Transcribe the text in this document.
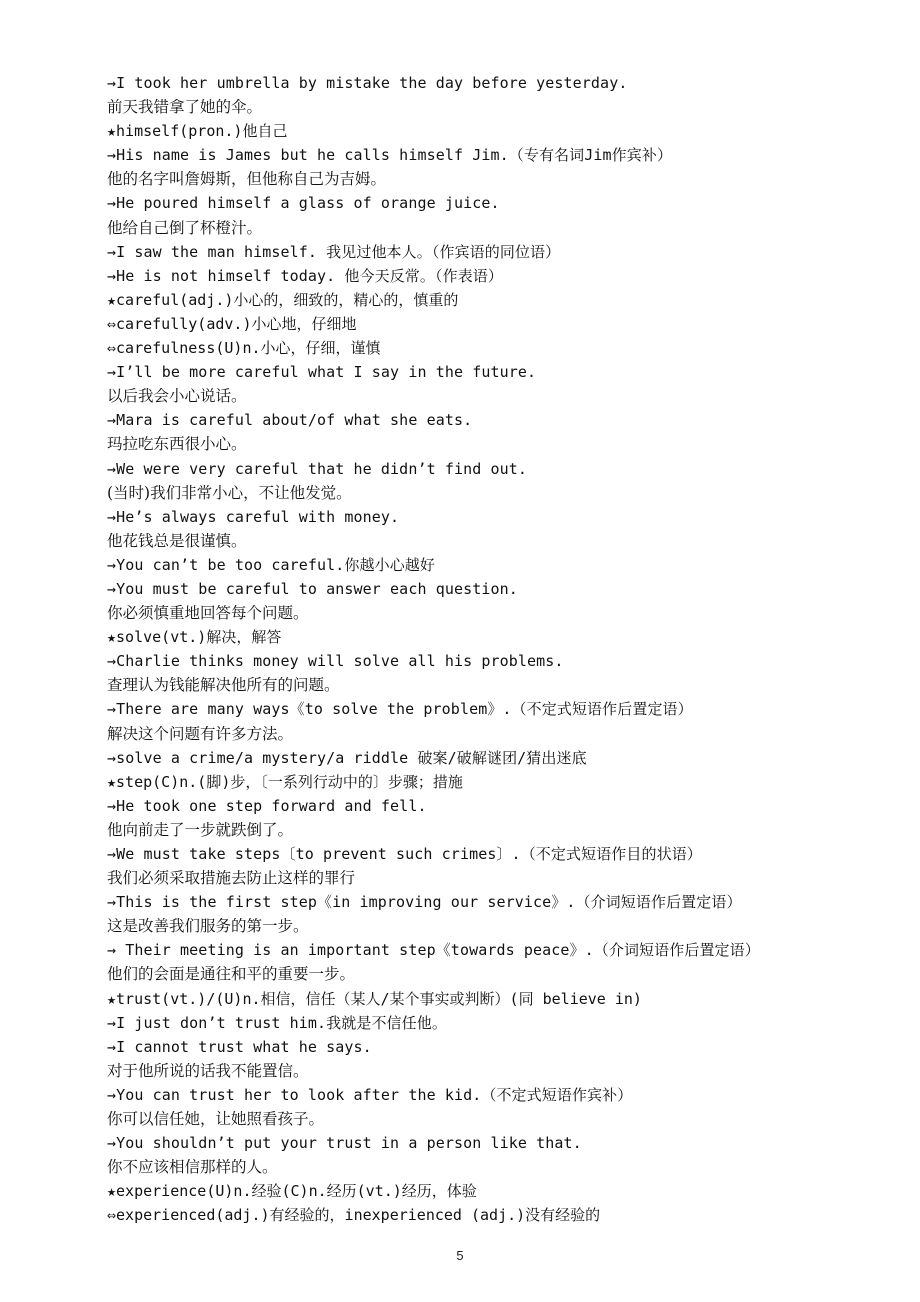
→I took her umbrella by mistake the day before yesterday.
前天我错拿了她的伞。
★himself(pron.)他自己
→His name is James but he calls himself Jim.（专有名词Jim作宾补）
他的名字叫詹姆斯，但他称自己为吉姆。
→He poured himself a glass of orange juice.
他给自己倒了杯橙汁。
→I saw the man himself. 我见过他本人。（作宾语的同位语）
→He is not himself today. 他今天反常。（作表语）
★careful(adj.)小心的，细致的，精心的，慎重的
⇔carefully(adv.)小心地，仔细地
⇔carefulness(U)n.小心，仔细，谨慎
→I’ll be more careful what I say in the future.
以后我会小心说话。
→Mara is careful about/of what she eats.
玛拉吃东西很小心。
→We were very careful that he didn’t find out.
(当时)我们非常小心，不让他发觉。
→He’s always careful with money.
他花钱总是很谨慎。
→You can’t be too careful.你越小心越好
→You must be careful to answer each question.
你必须慎重地回答每个问题。
★solve(vt.)解决，解答
→Charlie thinks money will solve all his problems.
查理认为钱能解决他所有的问题。
→There are many ways《to solve the problem》.（不定式短语作后置定语）
解决这个问题有许多方法。
→solve a crime/a mystery/a riddle 破案/破解谜团/猜出迷底
★step(C)n.(脚)步，〔一系列行动中的〕步骤；措施
→He took one step forward and fell.
他向前走了一步就跌倒了。
→We must take steps〔to prevent such crimes〕.（不定式短语作目的状语）
我们必须采取措施去防止这样的罪行
→This is the first step《in improving our service》.（介词短语作后置定语）
这是改善我们服务的第一步。
→ Their meeting is an important step《towards peace》.（介词短语作后置定语）
他们的会面是通往和平的重要一步。
★trust(vt.)/(U)n.相信，信任（某人/某个事实或判断）(同 believe in)
→I just don’t trust him.我就是不信任他。
→I cannot trust what he says.
对于他所说的话我不能置信。
→You can trust her to look after the kid.（不定式短语作宾补）
你可以信任她，让她照看孩子。
→You shouldn’t put your trust in a person like that.
你不应该相信那样的人。
★experience(U)n.经验(C)n.经历(vt.)经历，体验
⇔experienced(adj.)有经验的，inexperienced (adj.)没有经验的
5
